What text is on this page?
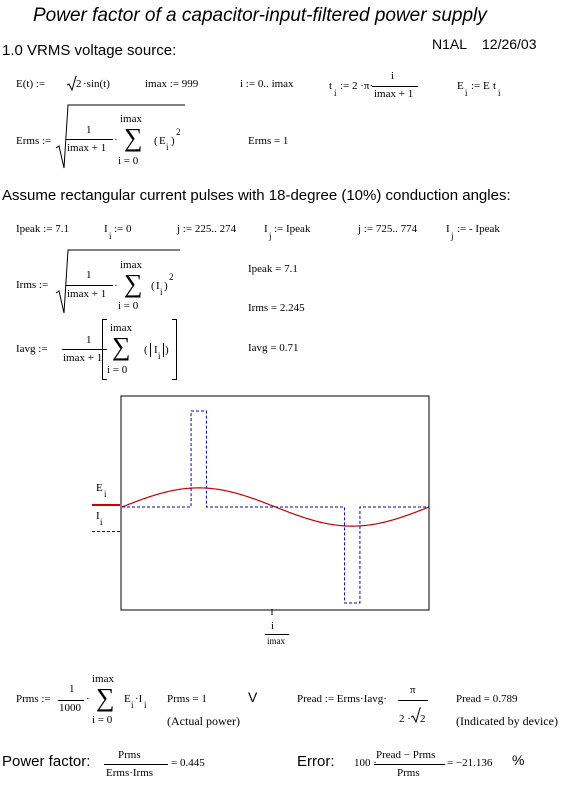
Power factor of a capacitor-input-filtered power supply
N1AL 12/26/03
1.0 VRMS voltage source:
E(t) :=	2 ·sin(t)	imax := 999	i := 0.. imax	t
i
:= 2 ·π·
i
imax + 1
E
i
:= E t
i
Erms :=
1
imax + 1
·
imax
∑
i = 0
( E i )
2
Erms = 1
Assume rectangular current pulses with 18-degree (10%) conduction angles:
Ipeak := 7.1	I
i
:= 0	j := 225.. 274	I
j
:= Ipeak	j := 725.. 774	I
j
:= - Ipeak
Irms :=
1
imax + 1
·
imax
∑
i = 0
( I i )
2
Ipeak = 7.1
Irms = 2.245
Iavg :=
1
imax + 1
·
imax
∑
i = 0
( I i )	Iavg = 0.71
E i
I i
i
imax
Prms :=
1
1000
·
imax
∑
i = 0
E i ·I i Prms = 1	V
(Actual power)
Pread := Erms·Iavg·
π
2 · 2
Pread = 0.789
(Indicated by device)
Power factor:	Prms
Erms·Irms
= 0.445	Error: 100 ·
Pread − Prms
Prms
= −21.136 %
